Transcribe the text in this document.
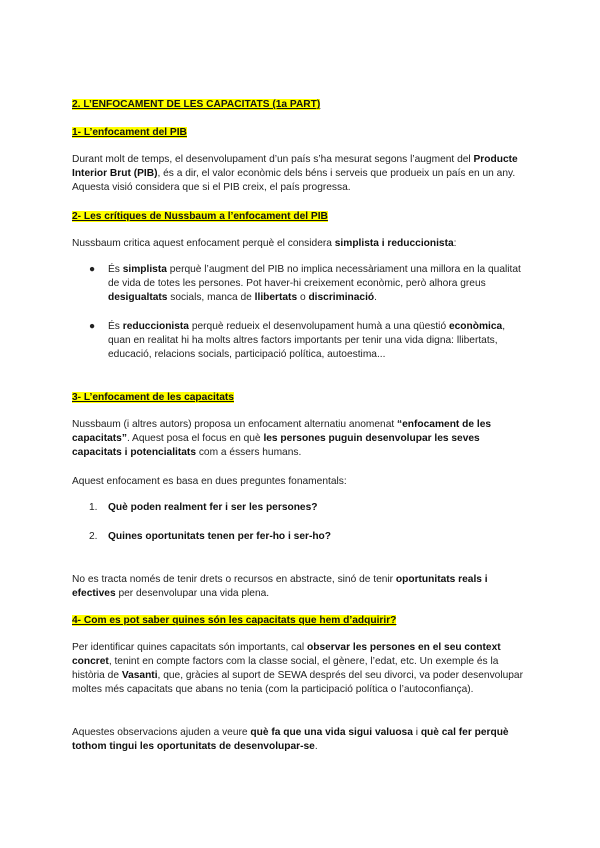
2. L’ENFOCAMENT DE LES CAPACITATS (1a PART)
1- L’enfocament del PIB

Durant molt de temps, el desenvolupament d’un país s’ha mesurat segons l’augment del Producte Interior Brut (PIB), és a dir, el valor econòmic dels béns i serveis que produeix un país en un any. Aquesta visió considera que si el PIB creix, el país progressa.

2- Les crítiques de Nussbaum a l’enfocament del PIB

Nussbaum critica aquest enfocament perquè el considera simplista i reduccionista:

●	És simplista perquè l’augment del PIB no implica necessàriament una millora en la qualitat de vida de totes les persones. Pot haver-hi creixement econòmic, però alhora greus desigualtats socials, manca de llibertats o discriminació.

●	És reduccionista perquè redueix el desenvolupament humà a una qüestió econòmica, quan en realitat hi ha molts altres factors importants per tenir una vida digna: llibertats, educació, relacions socials, participació política, autoestima...

3- L’enfocament de les capacitats

Nussbaum (i altres autors) proposa un enfocament alternatiu anomenat “enfocament de les capacitats”. Aquest posa el focus en què les persones puguin desenvolupar les seves capacitats i potencialitats com a éssers humans.

Aquest enfocament es basa en dues preguntes fonamentals:

1.	Què poden realment fer i ser les persones?
2.	Quines oportunitats tenen per fer-ho i ser-ho?

No es tracta només de tenir drets o recursos en abstracte, sinó de tenir oportunitats reals i efectives per desenvolupar una vida plena.

4- Com es pot saber quines són les capacitats que hem d’adquirir?

Per identificar quines capacitats són importants, cal observar les persones en el seu context concret, tenint en compte factors com la classe social, el gènere, l’edat, etc. Un exemple és la història de Vasanti, que, gràcies al suport de SEWA després del seu divorci, va poder desenvolupar moltes més capacitats que abans no tenia (com la participació política o l’autoconfiança).

Aquestes observacions ajuden a veure què fa que una vida sigui valuosa i què cal fer perquè tothom tingui les oportunitats de desenvolupar-se.
